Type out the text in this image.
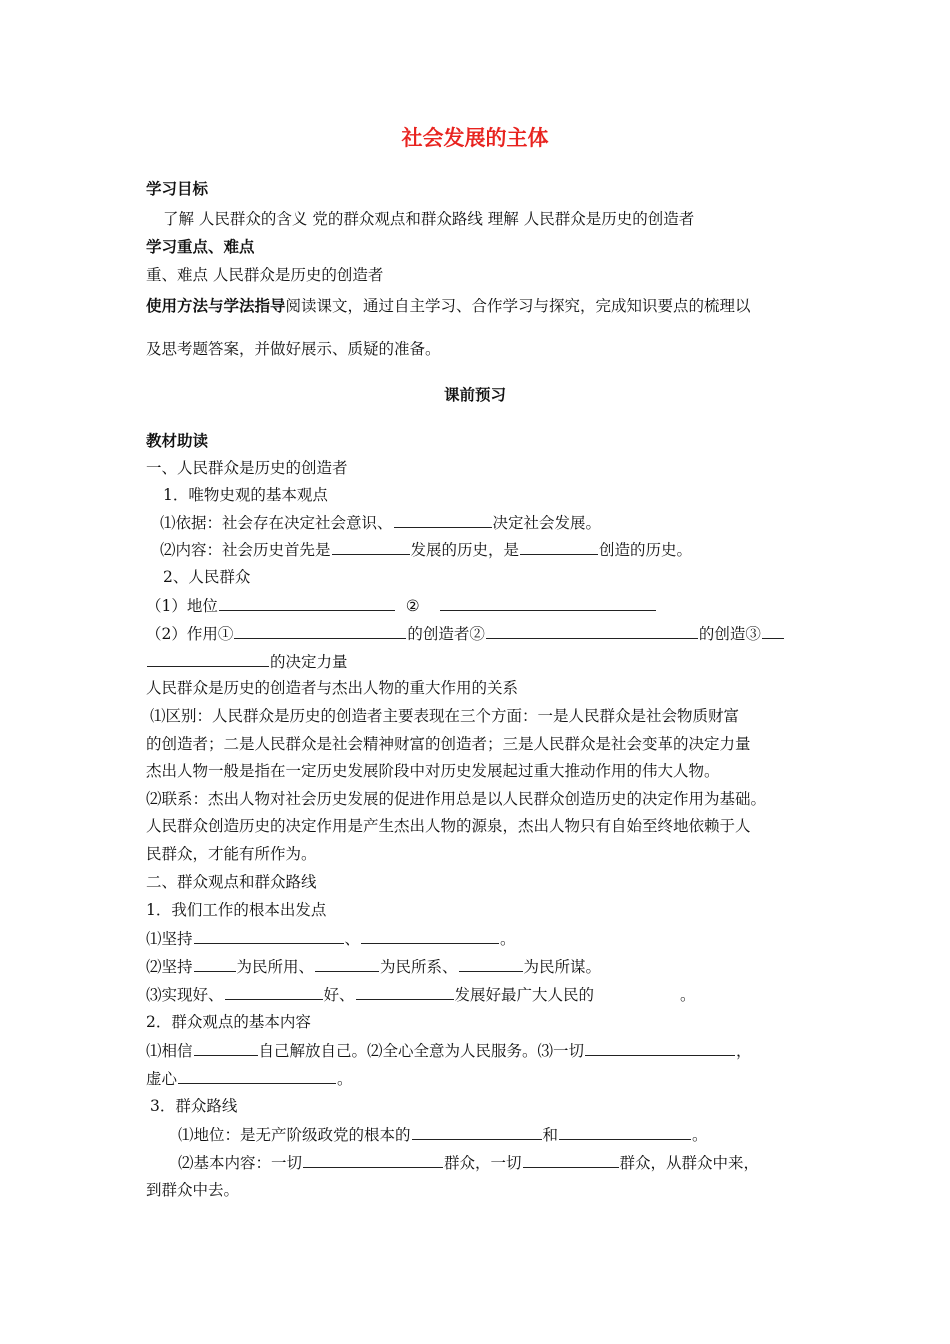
社会发展的主体
学习目标
了解 人民群众的含义 党的群众观点和群众路线 理解 人民群众是历史的创造者
学习重点、难点
重、难点 人民群众是历史的创造者
使用方法与学法指导阅读课文，通过自主学习、合作学习与探究，完成知识要点的梳理以
及思考题答案，并做好展示、质疑的准备。
课前预习
教材助读
一、人民群众是历史的创造者
1．唯物史观的基本观点
⑴依据：社会存在决定社会意识、	决定社会发展。
⑵内容：社会历史首先是	发展的历史，是	创造的历史。
2、人民群众
（1）地位	②
（2）作用①	的创造者②	的创造③
的决定力量
人民群众是历史的创造者与杰出人物的重大作用的关系
⑴区别：人民群众是历史的创造者主要表现在三个方面：一是人民群众是社会物质财富
的创造者；二是人民群众是社会精神财富的创造者；三是人民群众是社会变革的决定力量
杰出人物一般是指在一定历史发展阶段中对历史发展起过重大推动作用的伟大人物。
⑵联系：杰出人物对社会历史发展的促进作用总是以人民群众创造历史的决定作用为基础。
人民群众创造历史的决定作用是产生杰出人物的源泉，杰出人物只有自始至终地依赖于人
民群众，才能有所作为。
二、群众观点和群众路线
1．我们工作的根本出发点
⑴坚持	、	。
⑵坚持	为民所用、	为民所系、	为民所谋。
⑶实现好、	好、	发展好最广大人民的	。
2．群众观点的基本内容
⑴相信	自己解放自己。⑵全心全意为人民服务。⑶一切	，
虚心	。
3．群众路线
⑴地位：是无产阶级政党的根本的	和	。
⑵基本内容：一切	群众，一切	群众，从群众中来，
到群众中去。
